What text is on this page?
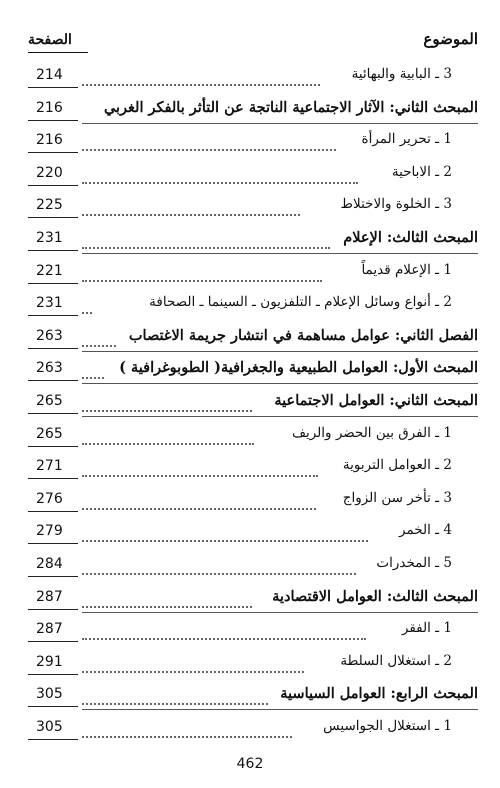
الموضوع
الصفحة
3 ـ البابية والبهائية
214
المبحث الثاني: الآثار الاجتماعية الناتجة عن التأثر بالفكر الغربي
216
1 ـ تحرير المرأة
216
2 ـ الاباحية
220
3 ـ الخلوة والاختلاط
225
المبحث الثالث: الإعلام
231
1 ـ الإعلام قديماً
221
2 ـ أنواع وسائل الإعلام ـ التلفزيون ـ السينما ـ الصحافة
231
الفصل الثاني: عوامل مساهمة في انتشار جريمة الاغتصاب
263
المبحث الأول: العوامل الطبيعية والجغرافية( الطوبوغرافية )
263
المبحث الثاني: العوامل الاجتماعية
265
1 ـ الفرق بين الحضر والريف
265
2 ـ العوامل التربوية
271
3 ـ تأخر سن الزواج
276
4 ـ الخمر
279
5 ـ المخدرات
284
المبحث الثالث: العوامل الاقتصادية
287
1 ـ الفقر
287
2 ـ استغلال السلطة
291
المبحث الرابع: العوامل السياسية
305
1 ـ استغلال الجواسيس
305
462
